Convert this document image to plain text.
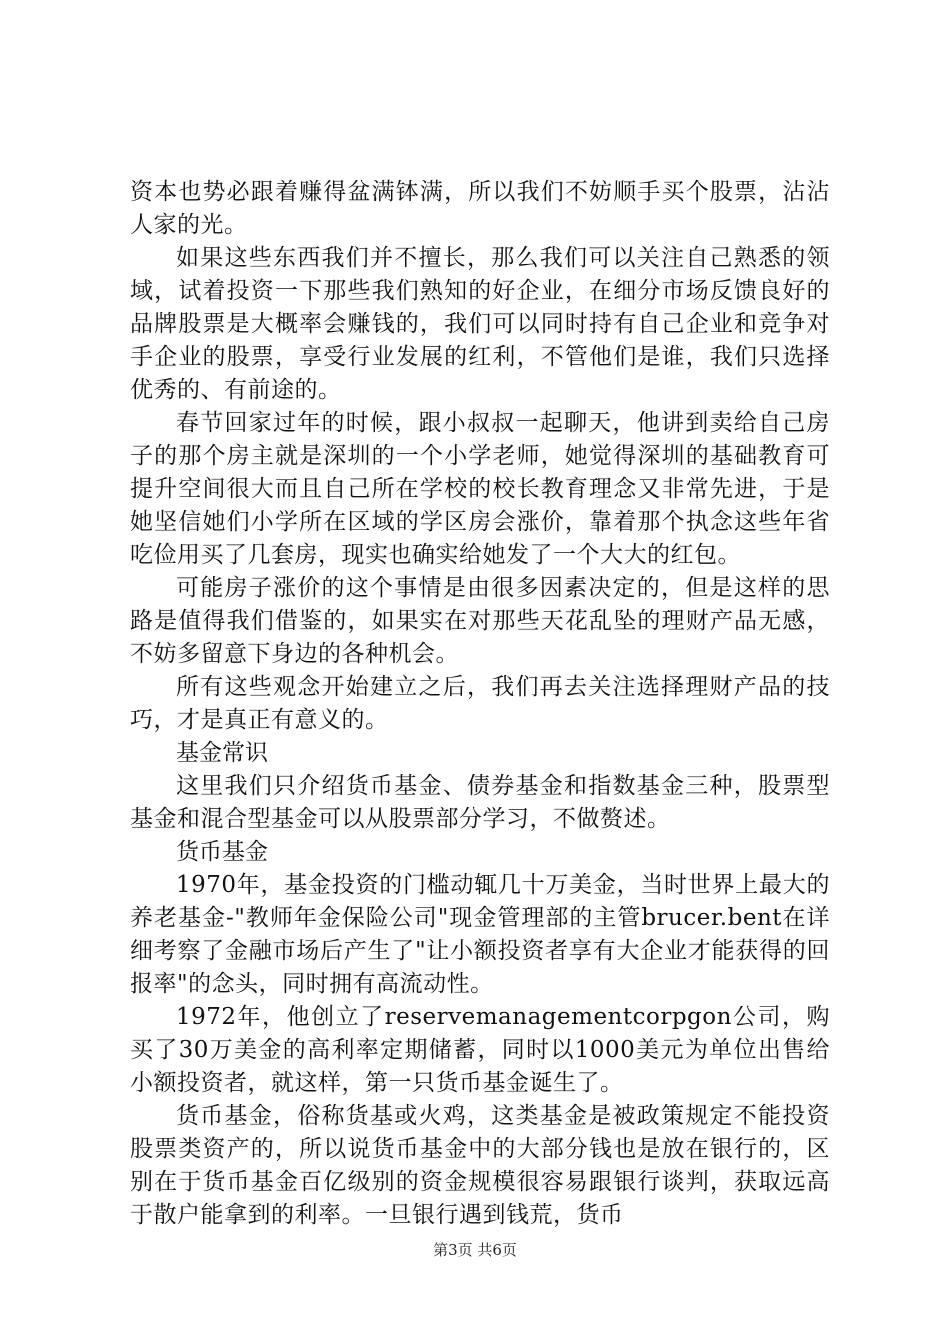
资本也势必跟着赚得盆满钵满，所以我们不妨顺手买个股票，沾沾人家的光。

如果这些东西我们并不擅长，那么我们可以关注自己熟悉的领域，试着投资一下那些我们熟知的好企业，在细分市场反馈良好的品牌股票是大概率会赚钱的，我们可以同时持有自己企业和竞争对手企业的股票，享受行业发展的红利，不管他们是谁，我们只选择优秀的、有前途的。

春节回家过年的时候，跟小叔叔一起聊天，他讲到卖给自己房子的那个房主就是深圳的一个小学老师，她觉得深圳的基础教育可提升空间很大而且自己所在学校的校长教育理念又非常先进，于是她坚信她们小学所在区域的学区房会涨价，靠着那个执念这些年省吃俭用买了几套房，现实也确实给她发了一个大大的红包。

可能房子涨价的这个事情是由很多因素决定的，但是这样的思路是值得我们借鉴的，如果实在对那些天花乱坠的理财产品无感，不妨多留意下身边的各种机会。

所有这些观念开始建立之后，我们再去关注选择理财产品的技巧，才是真正有意义的。

基金常识

这里我们只介绍货币基金、债券基金和指数基金三种，股票型基金和混合型基金可以从股票部分学习，不做赘述。

货币基金

1970年，基金投资的门槛动辄几十万美金，当时世界上最大的养老基金-"教师年金保险公司"现金管理部的主管brucer.bent在详细考察了金融市场后产生了"让小额投资者享有大企业才能获得的回报率"的念头，同时拥有高流动性。

1972年，他创立了reservemanagementcorpgon公司，购买了30万美金的高利率定期储蓄，同时以1000美元为单位出售给小额投资者，就这样，第一只货币基金诞生了。

货币基金，俗称货基或火鸡，这类基金是被政策规定不能投资股票类资产的，所以说货币基金中的大部分钱也是放在银行的，区别在于货币基金百亿级别的资金规模很容易跟银行谈判，获取远高于散户能拿到的利率。一旦银行遇到钱荒，货币

第3页 共6页
